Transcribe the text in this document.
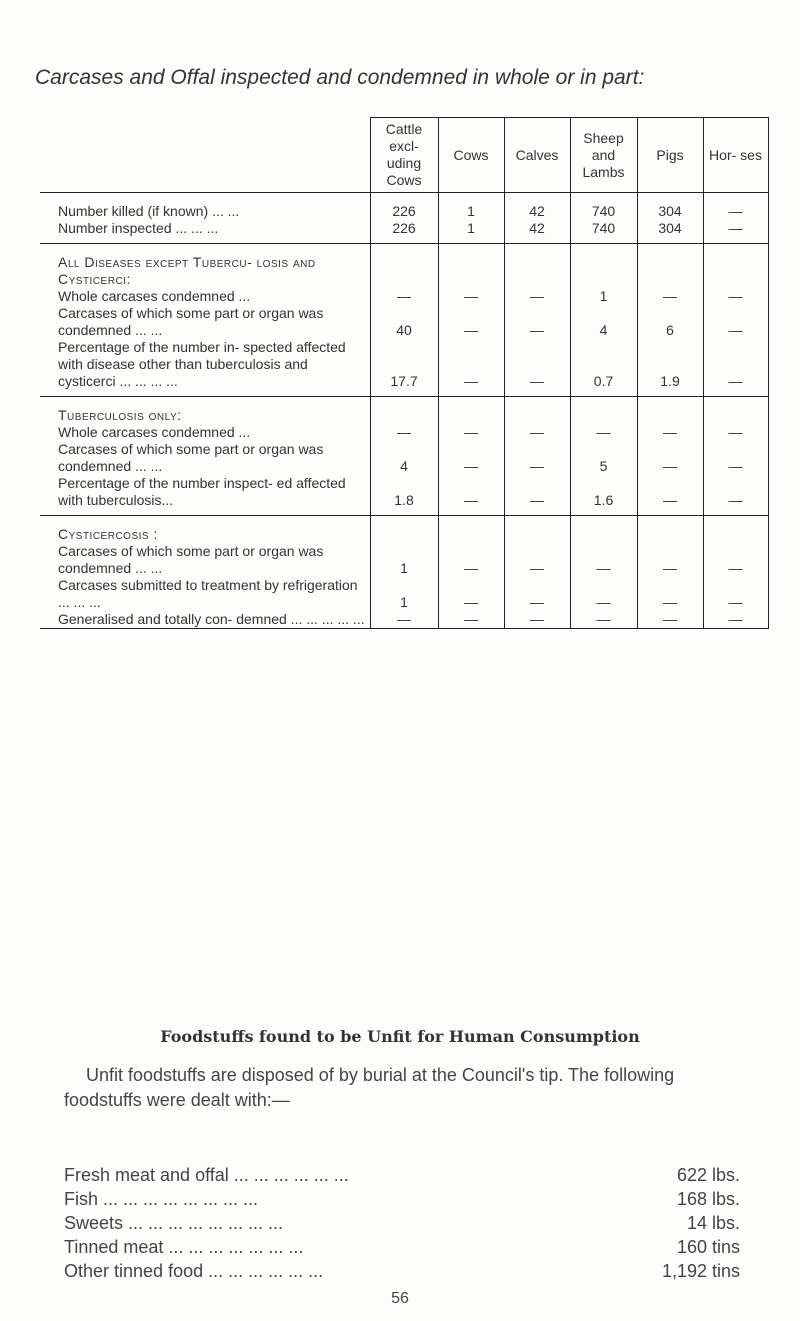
Carcases and Offal inspected and condemned in whole or in part:
	Cattle excl- uding Cows	Cows	Calves	Sheep and Lambs	Pigs	Hor- ses
Number killed (if known) ... ...	226	1	42	740	304	—
Number inspected ... ... ...	226	1	42	740	304	—
All Diseases except Tubercu- losis and Cysticerci:						
Whole carcases condemned ...	—	—	—	1	—	—
Carcases of which some part or organ was condemned ... ...	40	—	—	4	6	—
Percentage of the number in- spected affected with disease other than tuberculosis and cysticerci ... ... ... ...	17.7	—	—	0.7	1.9	—
Tuberculosis only:						
Whole carcases condemned ...	—	—	—	—	—	—
Carcases of which some part or organ was condemned ... ...	4	—	—	5	—	—
Percentage of the number inspect- ed affected with tuberculosis...	1.8	—	—	1.6	—	—
Cysticercosis :						
Carcases of which some part or organ was condemned ... ...	1	—	—	—	—	—
Carcases submitted to treatment by refrigeration ... ... ...	1	—	—	—	—	—
Generalised and totally con- demned ... ... ... ... ...	—	—	—	—	—	—
Foodstuffs found to be Unfit for Human Consumption

Unfit foodstuffs are disposed of by burial at the Council's tip. The following foodstuffs were dealt with:—

Fresh meat and offal ... ... ... ... ... ...	622 lbs.
Fish ... ... ... ... ... ... ... ...	168 lbs.
Sweets ... ... ... ... ... ... ... ...	14 lbs.
Tinned meat ... ... ... ... ... ... ...	160 tins
Other tinned food ... ... ... ... ... ...	1,192 tins
56
